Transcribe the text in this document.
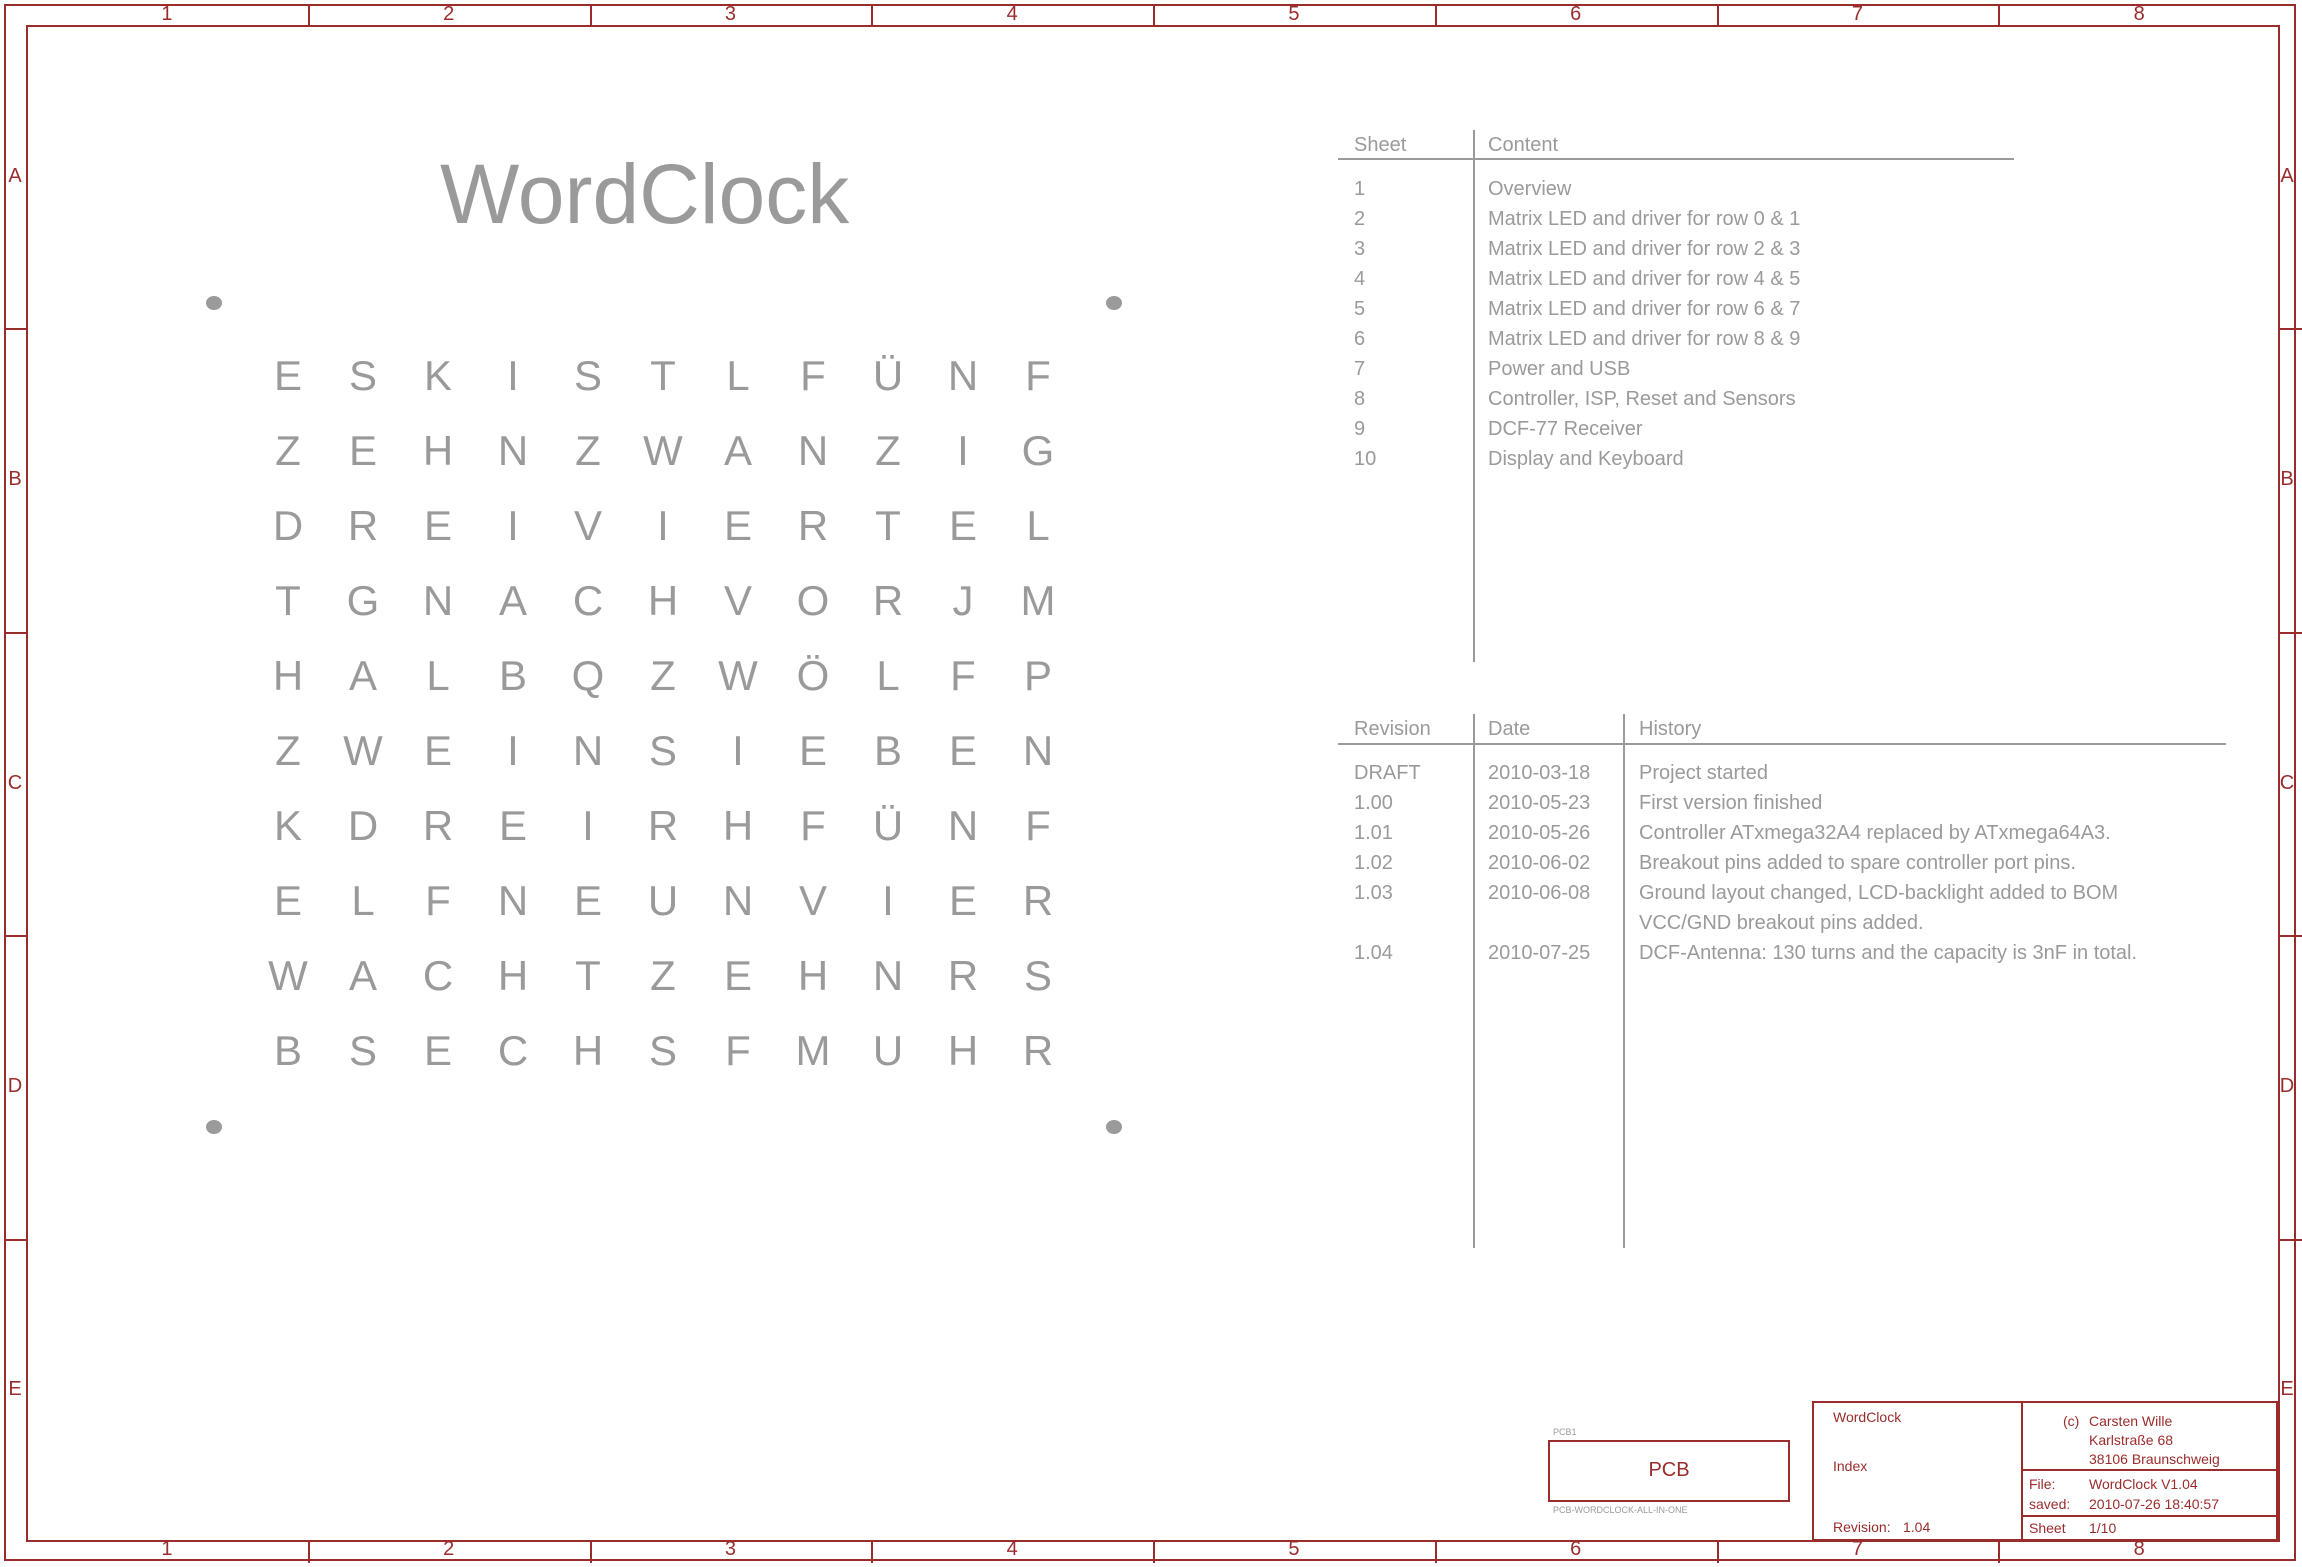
1
1
2
2
3
3
4
4
5
5
6
6
7
7
8
8
A	A
B	B
C	C
D	D
E	E
WordClock
E S K	I	S T	L	F Ü N F
Z E H N Z W A N Z	I	G
D R E	I	V	I	E R T E	L
T G N A C H V O R	J	M
H A	L	B Q Z W Ö	L	F P
Z W E	I	N S	I	E B E N
K D R E	I	R H F Ü N F
E	L	F N E U N V	I	E R
W A C H T Z E H N R S
B S E C H S F M U H R
Sheet	Content
1	Overview
2	Matrix LED and driver for row 0 & 1
3	Matrix LED and driver for row 2 & 3
4	Matrix LED and driver for row 4 & 5
5	Matrix LED and driver for row 6 & 7
6	Matrix LED and driver for row 8 & 9
7	Power and USB
8	Controller, ISP, Reset and Sensors
9	DCF-77 Receiver
10	Display and Keyboard
Revision	Date	History
DRAFT	2010-03-18 Project started
1.00	2010-05-23 First version finished
1.01	2010-05-26 Controller ATxmega32A4 replaced by ATxmega64A3.
1.02	2010-06-02 Breakout pins added to spare controller port pins.
1.03	2010-06-08 Ground layout changed, LCD-backlight added to BOM
VCC/GND breakout pins added.
1.04	2010-07-25 DCF-Antenna: 130 turns and the capacity is 3nF in total.
PCB1
PCB
PCB-WORDCLOCK-ALL-IN-ONE
WordClock
Index
Revision: 1.04
(c) Carsten Wille
Karlstraße 68
38106 Braunschweig
File: WordClock V1.04
saved: 2010-07-26 18:40:57
Sheet 1/10
